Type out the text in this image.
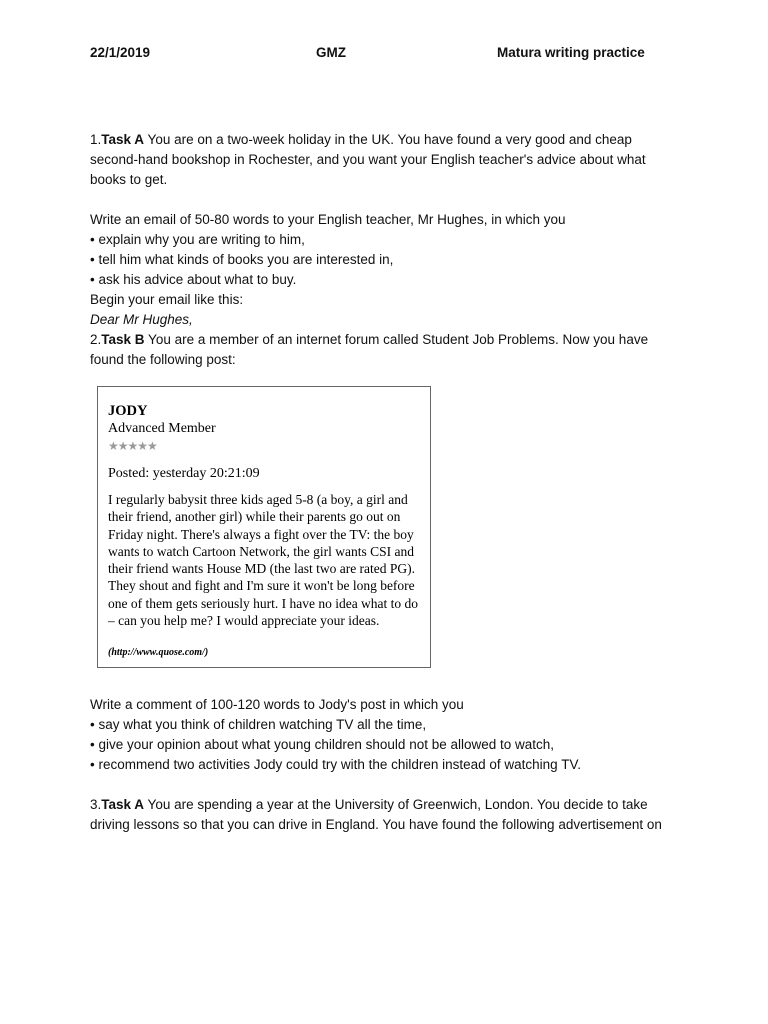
22/1/2019	GMZ	Matura writing practice

1.Task A You are on a two-week holiday in the UK. You have found a very good and cheap

second-hand bookshop in Rochester, and you want your English teacher's advice about what

books to get.

Write an email of 50-80 words to your English teacher, Mr Hughes, in which you

• explain why you are writing to him,

• tell him what kinds of books you are interested in,

• ask his advice about what to buy.

Begin your email like this:

Dear Mr Hughes,

2.Task B You are a member of an internet forum called Student Job Problems. Now you have

found the following post:

JODY
Advanced Member
★★★★★
Posted: yesterday 20:21:09
I regularly babysit three kids aged 5-8 (a boy, a girl and
their friend, another girl) while their parents go out on
Friday night. There's always a fight over the TV: the boy
wants to watch Cartoon Network, the girl wants CSI and
their friend wants House MD (the last two are rated PG).
They shout and fight and I'm sure it won't be long before
one of them gets seriously hurt. I have no idea what to do
– can you help me? I would appreciate your ideas.
(http://www.quose.com/)

Write a comment of 100-120 words to Jody's post in which you

• say what you think of children watching TV all the time,

• give your opinion about what young children should not be allowed to watch,

• recommend two activities Jody could try with the children instead of watching TV.

3.Task A You are spending a year at the University of Greenwich, London. You decide to take

driving lessons so that you can drive in England. You have found the following advertisement on
